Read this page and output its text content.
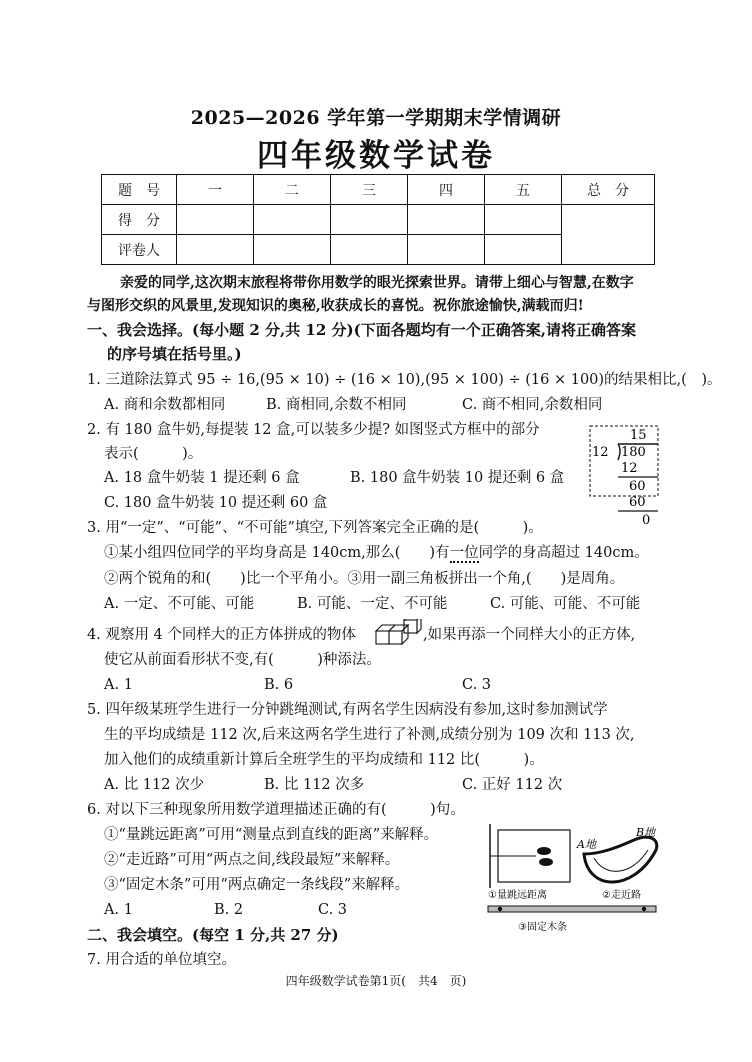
2025—2026 学年第一学期期末学情调研
四年级数学试卷
题　号	一	二	三	四	五	总　分
得　分						
评卷人						
亲爱的同学,这次期末旅程将带你用数学的眼光探索世界。请带上细心与智慧,在数字
与图形交织的风景里,发现知识的奥秘,收获成长的喜悦。祝你旅途愉快,满载而归!
一、我会选择。(每小题 2 分,共 12 分)(下面各题均有一个正确答案,请将正确答案
的序号填在括号里。)
1. 三道除法算式 95 ÷ 16,(95 × 10) ÷ (16 × 10),(95 × 100) ÷ (16 × 100)的结果相比,(　)。
A. 商和余数都相同	B. 商相同,余数不相同	C. 商不相同,余数相同
2. 有 180 盒牛奶,每提装 12 盒,可以装多少提? 如图竖式方框中的部分
表示(　　　)。
A. 18 盒牛奶装 1 提还剩 6 盒	B. 180 盒牛奶装 10 提还剩 6 盒
C. 180 盒牛奶装 10 提还剩 60 盒
15
12 180
12
60
60
0
3. 用“一定”、“可能”、“不可能”填空,下列答案完全正确的是(　　　)。
①某小组四位同学的平均身高是 140cm,那么(　　)有一位同学的身高超过 140cm。
②两个锐角的和(　　)比一个平角小。③用一副三角板拼出一个角,(　　)是周角。
A. 一定、不可能、可能	B. 可能、一定、不可能	C. 可能、可能、不可能
4. 观察用 4 个同样大的正方体拼成的物体	,如果再添一个同样大小的正方体,
使它从前面看形状不变,有(　　　)种添法。
A. 1	B. 6	C. 3
5. 四年级某班学生进行一分钟跳绳测试,有两名学生因病没有参加,这时参加测试学
生的平均成绩是 112 次,后来这两名学生进行了补测,成绩分别为 109 次和 113 次,
加入他们的成绩重新计算后全班学生的平均成绩和 112 比(　　　)。
A. 比 112 次少	B. 比 112 次多	C. 正好 112 次
6. 对以下三种现象所用数学道理描述正确的有(　　　)句。
①“量跳远距离”可用“测量点到直线的距离”来解释。
②“走近路”可用“两点之间,线段最短”来解释。
③“固定木条”可用“两点确定一条线段”来解释。
A. 1	B. 2	C. 3
①量跳远距离
A地
B地
②走近路
③固定木条
二、我会填空。(每空 1 分,共 27 分)
7. 用合适的单位填空。
四年级数学试卷第1页(　共4　页)
